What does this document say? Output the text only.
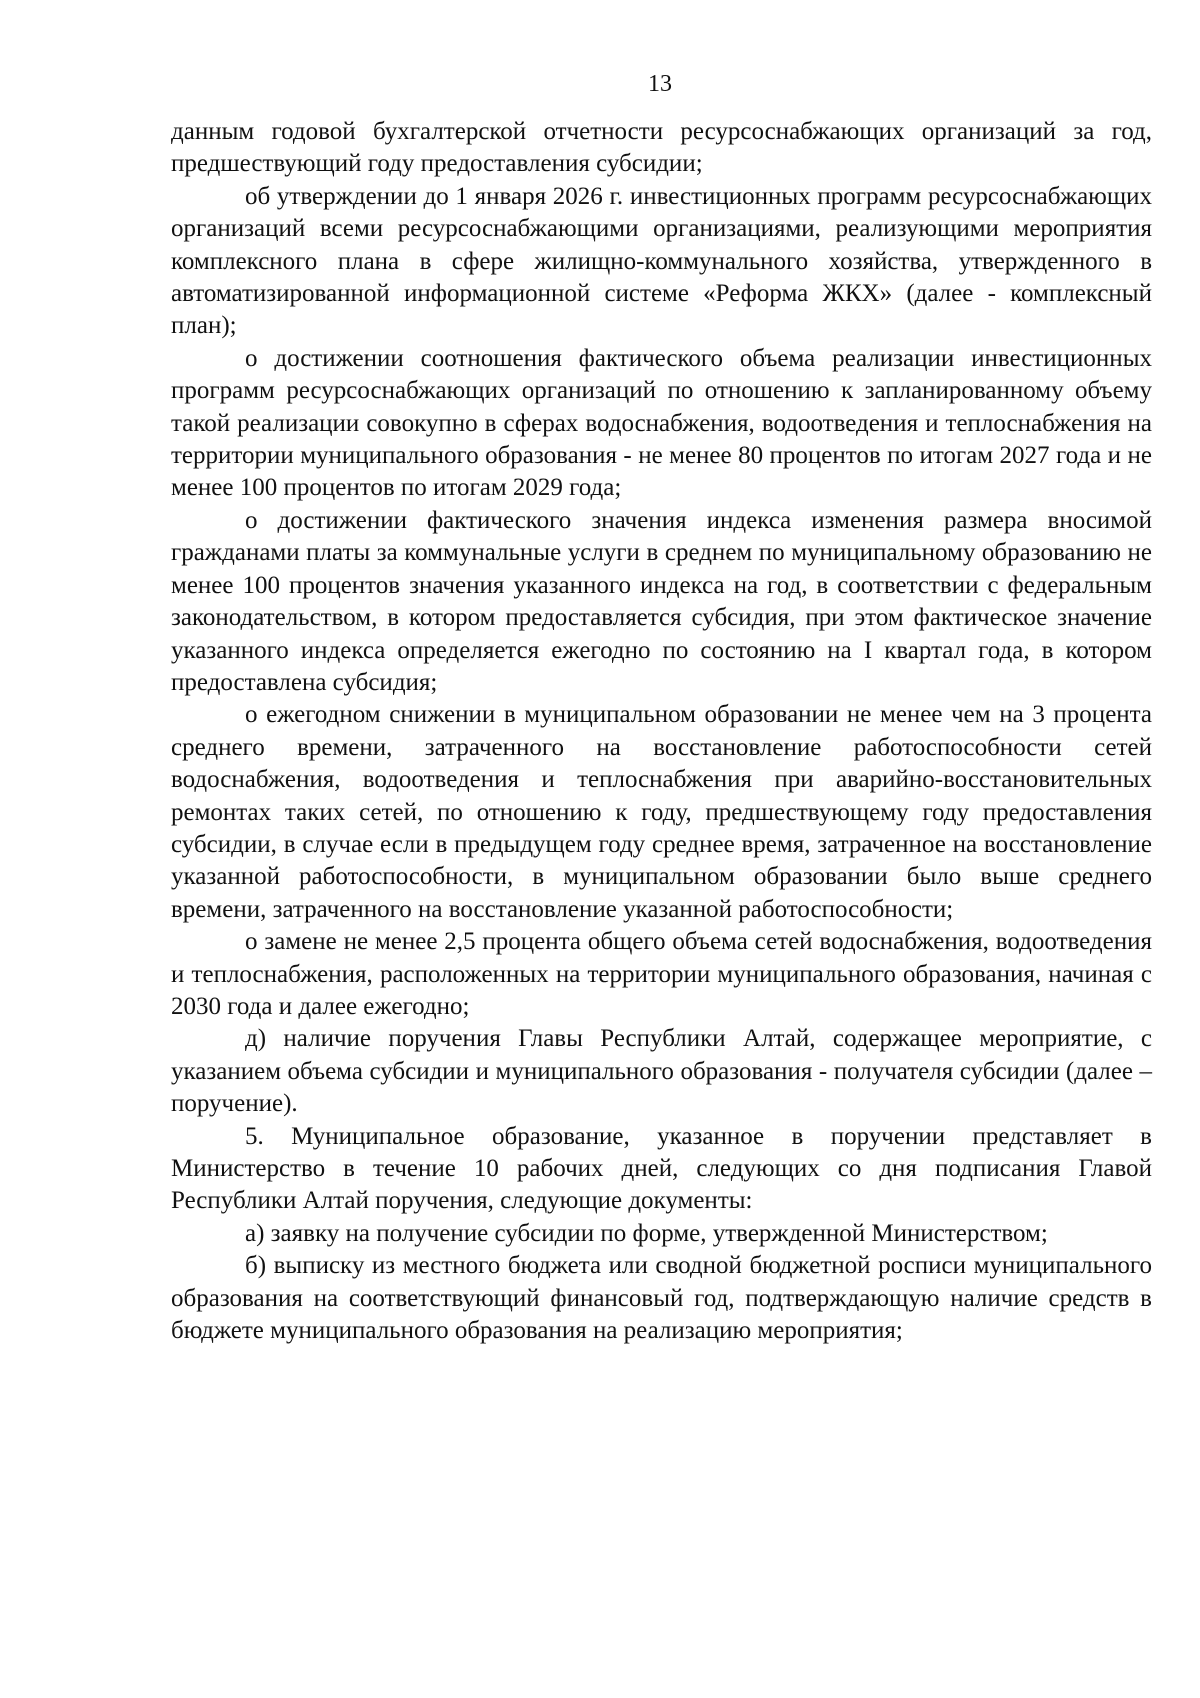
13

данным годовой бухгалтерской отчетности ресурсоснабжающих организаций за год, предшествующий году предоставления субсидии;

об утверждении до 1 января 2026 г. инвестиционных программ ресурсоснабжающих организаций всеми ресурсоснабжающими организациями, реализующими мероприятия комплексного плана в сфере жилищно-коммунального хозяйства, утвержденного в автоматизированной информационной системе «Реформа ЖКХ» (далее - комплексный план);

о достижении соотношения фактического объема реализации инвестиционных программ ресурсоснабжающих организаций по отношению к запланированному объему такой реализации совокупно в сферах водоснабжения, водоотведения и теплоснабжения на территории муниципального образования - не менее 80 процентов по итогам 2027 года и не менее 100 процентов по итогам 2029 года;

о достижении фактического значения индекса изменения размера вносимой гражданами платы за коммунальные услуги в среднем по муниципальному образованию не менее 100 процентов значения указанного индекса на год, в соответствии с федеральным законодательством, в котором предоставляется субсидия, при этом фактическое значение указанного индекса определяется ежегодно по состоянию на I квартал года, в котором предоставлена субсидия;

о ежегодном снижении в муниципальном образовании не менее чем на 3 процента среднего времени, затраченного на восстановление работоспособности сетей водоснабжения, водоотведения и теплоснабжения при аварийно-восстановительных ремонтах таких сетей, по отношению к году, предшествующему году предоставления субсидии, в случае если в предыдущем году среднее время, затраченное на восстановление указанной работоспособности, в муниципальном образовании было выше среднего времени, затраченного на восстановление указанной работоспособности;

о замене не менее 2,5 процента общего объема сетей водоснабжения, водоотведения и теплоснабжения, расположенных на территории муниципального образования, начиная с 2030 года и далее ежегодно;

д) наличие поручения Главы Республики Алтай, содержащее мероприятие, с указанием объема субсидии и муниципального образования - получателя субсидии (далее – поручение).

5. Муниципальное образование, указанное в поручении представляет в Министерство в течение 10 рабочих дней, следующих со дня подписания Главой Республики Алтай поручения, следующие документы:

а) заявку на получение субсидии по форме, утвержденной Министерством;

б) выписку из местного бюджета или сводной бюджетной росписи муниципального образования на соответствующий финансовый год, подтверждающую наличие средств в бюджете муниципального образования на реализацию мероприятия;
